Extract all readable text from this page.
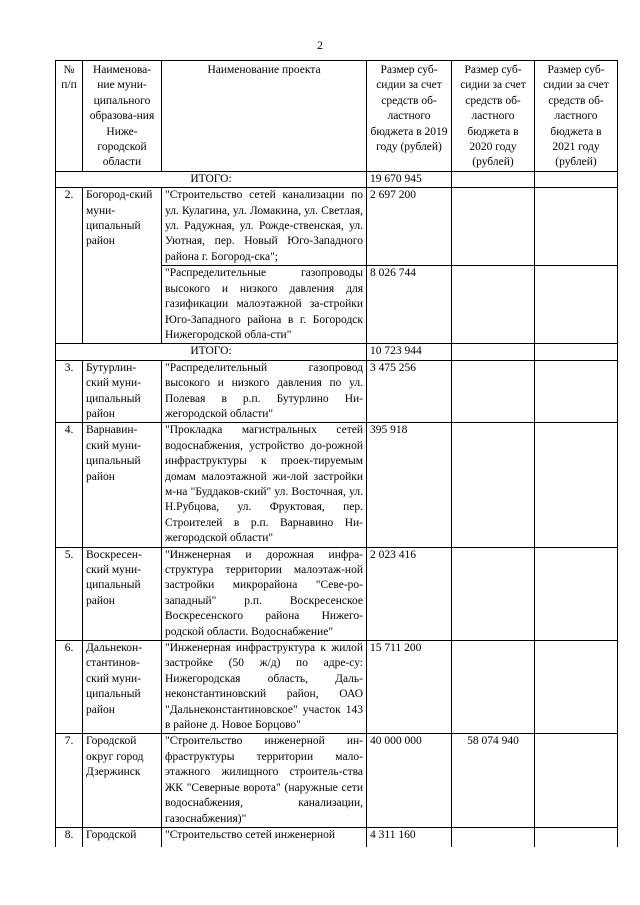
2
№ п/п	Наименова-ние муни-ципального образова-ния Ниже-городской области	Наименование проекта	Размер суб-сидии за счет средств об-ластного бюджета в 2019 году (рублей)	Размер суб-сидии за счет средств об-ластного бюджета в 2020 году (рублей)	Размер суб-сидии за счет средств об-ластного бюджета в 2021 году (рублей)
ИТОГО:			19 670 945		
2.	Богород-ский муни-ципальный район	"Строительство сетей канализации по ул. Кулагина, ул. Ломакина, ул. Светлая, ул. Радужная, ул. Рожде-ственская, ул. Уютная, пер. Новый Юго-Западного района г. Богород-ска";	2 697 200		
		"Распределительные газопроводы высокого и низкого давления для газификации малоэтажной за-стройки Юго-Западного района в г. Богородск Нижегородской обла-сти"	8 026 744		
ИТОГО:			10 723 944		
3.	Бутурлин-ский муни-ципальный район	"Распределительный газопровод высокого и низкого давления по ул. Полевая в р.п. Бутурлино Ни-жегородской области"	3 475 256		
4.	Варнавин-ский муни-ципальный район	"Прокладка магистральных сетей водоснабжения, устройство до-рожной инфраструктуры к проек-тируемым домам малоэтажной жи-лой застройки м-на "Буддаков-ский" ул. Восточная, ул. Н.Рубцова, ул. Фруктовая, пер. Строителей в р.п. Варнавино Ни-жегородской области"	395 918		
5.	Воскресен-ский муни-ципальный район	"Инженерная и дорожная инфра-структура территории малоэтаж-ной застройки микрорайона "Севе-ро-западный" р.п. Воскресенское Воскресенского района Нижего-родской области. Водоснабжение"	2 023 416		
6.	Дальнекон-стантинов-ский муни-ципальный район	"Инженерная инфраструктура к жилой застройке (50 ж/д) по адре-су: Нижегородская область, Даль-неконстантиновский район, ОАО "Дальнеконстантиновское" участок 143 в районе д. Новое Борцово"	15 711 200		
7.	Городской округ город Дзержинск	"Строительство инженерной ин-фраструктуры территории мало-этажного жилищного строитель-ства ЖК "Северные ворота" (наружные сети водоснабжения, канализации, газоснабжения)"	40 000 000	58 074 940	
8.	Городской	"Строительство сетей инженерной	4 311 160		
